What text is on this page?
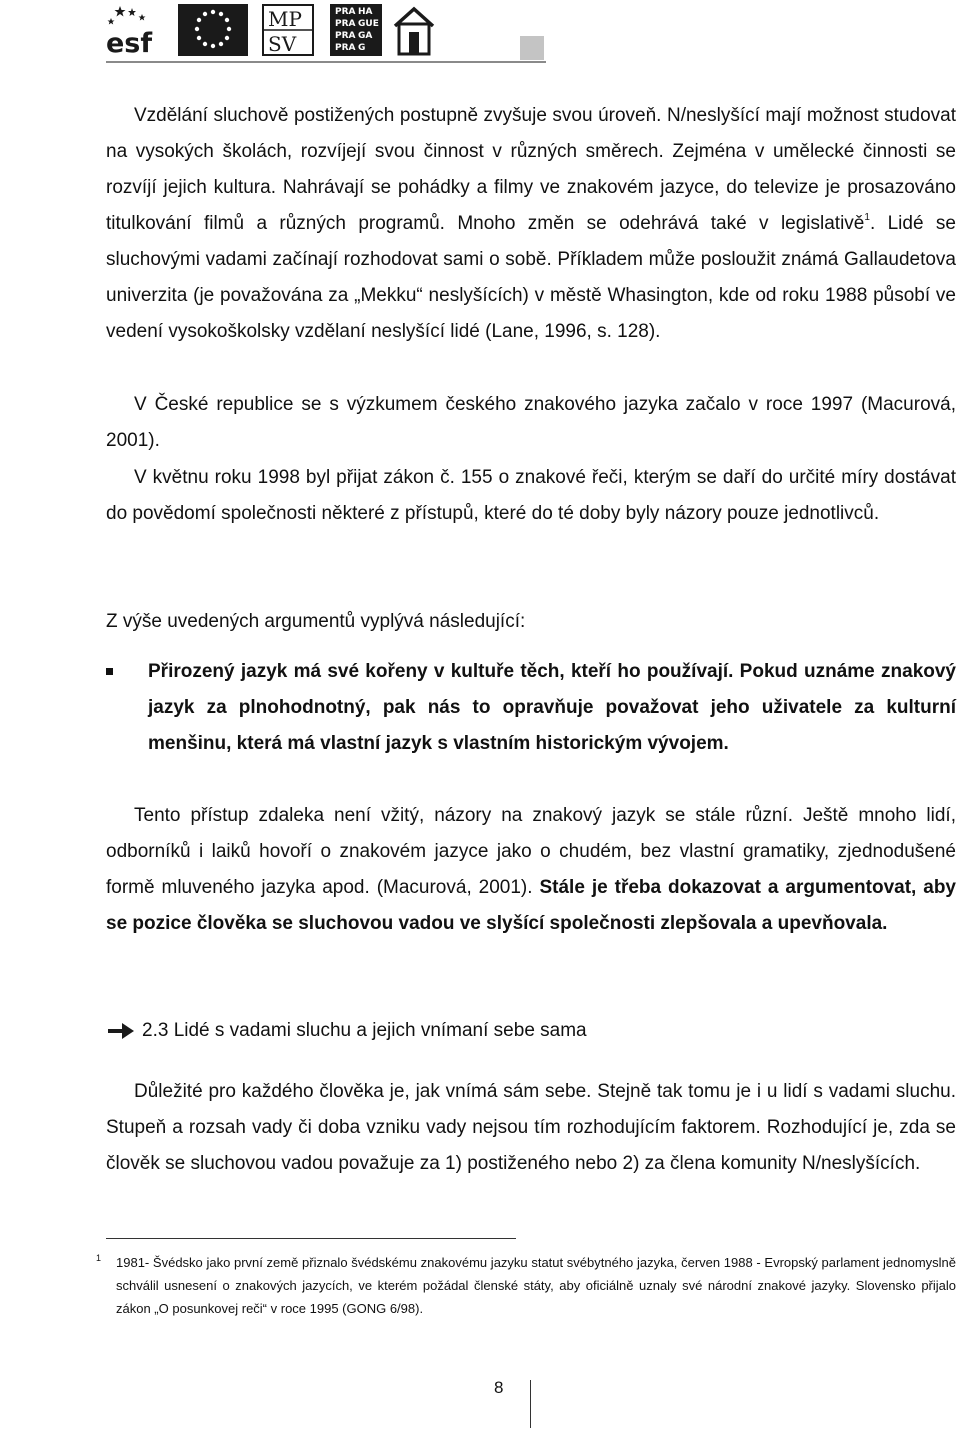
esf
MP
SV
PRA HA
PRA GUE
PRA GA
PRA G

Vzdělání sluchově postižených postupně zvyšuje svou úroveň. N/neslyšící mají možnost studovat na vysokých školách, rozvíjejí svou činnost v různých směrech. Zejména v umělecké činnosti se rozvíjí jejich kultura. Nahrávají se pohádky a filmy ve znakovém jazyce, do televize je prosazováno titulkování filmů a různých programů. Mnoho změn se odehrává také v legislativě$^1$. Lidé se sluchovými vadami začínají rozhodovat sami o sobě. Příkladem může posloužit známá Gallaudetova univerzita (je považována za „Mekku“ neslyšících) v městě Whasington, kde od roku 1988 působí ve vedení vysokoškolsky vzdělaní neslyšící lidé (Lane, 1996, s. 128).

V České republice se s výzkumem českého znakového jazyka začalo v roce 1997 (Macurová, 2001).

V květnu roku 1998 byl přijat zákon č. 155 o znakové řeči, kterým se daří do určité míry dostávat do povědomí společnosti některé z přístupů, které do té doby byly názory pouze jednotlivců.

Z výše uvedených argumentů vyplývá následující:

Přirozený jazyk má své kořeny v kultuře těch, kteří ho používají. Pokud uznáme znakový jazyk za plnohodnotný, pak nás to opravňuje považovat jeho uživatele za kulturní menšinu, která má vlastní jazyk s vlastním historickým vývojem.

Tento přístup zdaleka není vžitý, názory na znakový jazyk se stále různí. Ještě mnoho lidí, odborníků i laiků hovoří o znakovém jazyce jako o chudém, bez vlastní gramatiky, zjednodušené formě mluveného jazyka apod. (Macurová, 2001). Stále je třeba dokazovat a argumentovat, aby se pozice člověka se sluchovou vadou ve slyšící společnosti zlepšovala a upevňovala.

2.3 Lidé s vadami sluchu a jejich vnímaní sebe sama

Důležité pro každého člověka je, jak vnímá sám sebe. Stejně tak tomu je i u lidí s vadami sluchu. Stupeň a rozsah vady či doba vzniku vady nejsou tím rozhodujícím faktorem. Rozhodující je, zda se člověk se sluchovou vadou považuje za 1) postiženého nebo 2) za člena komunity N/neslyšících.

1 1981- Švédsko jako první země přiznalo švédskému znakovému jazyku statut svébytného jazyka, červen 1988 - Evropský parlament jednomyslně schválil usnesení o znakových jazycích, ve kterém požádal členské státy, aby oficiálně uznaly své národní znakové jazyky. Slovensko přijalo zákon „O posunkovej reči“ v roce 1995 (GONG 6/98).
8
